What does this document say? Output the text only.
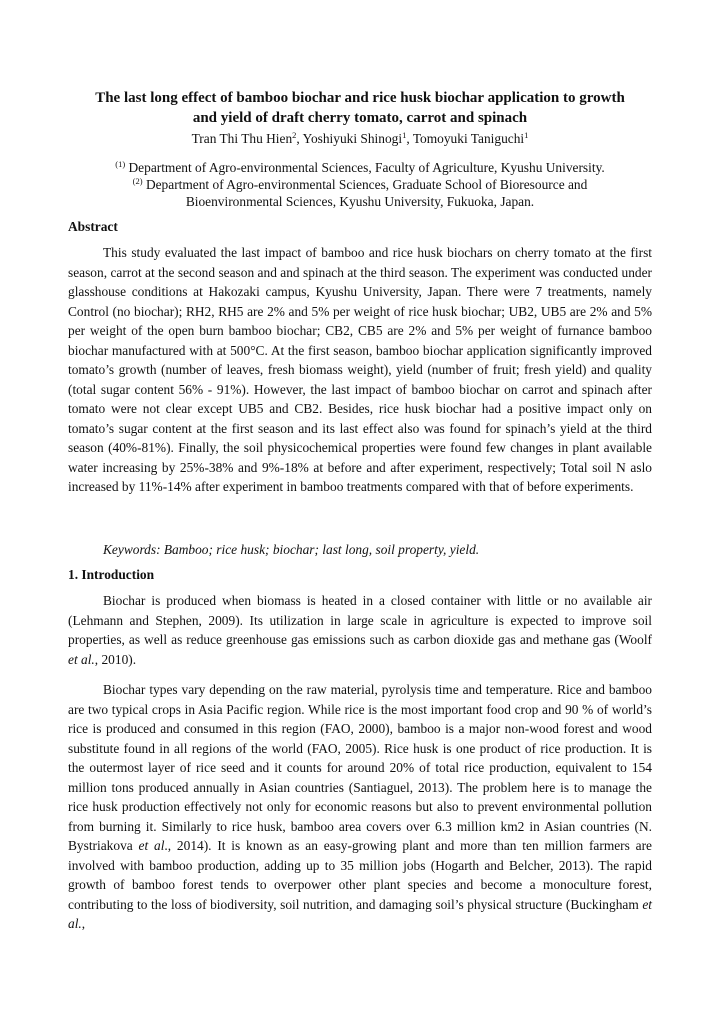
The last long effect of bamboo biochar and rice husk biochar application to growth
and yield of draft cherry tomato, carrot and spinach

Tran Thi Thu Hien$^2$, Yoshiyuki Shinogi$^1$, Tomoyuki Taniguchi$^1$

$^{(1)}$ Department of Agro-environmental Sciences, Faculty of Agriculture, Kyushu University.

$^{(2)}$ Department of Agro-environmental Sciences, Graduate School of Bioresource and
Bioenvironmental Sciences, Kyushu University, Fukuoka, Japan.

Abstract

This study evaluated the last impact of bamboo and rice husk biochars on cherry tomato at the first season, carrot at the second season and and spinach at the third season. The experiment was conducted under glasshouse conditions at Hakozaki campus, Kyushu University, Japan. There were 7 treatments, namely Control (no biochar); RH2, RH5 are 2% and 5% per weight of rice husk biochar; UB2, UB5 are 2% and 5% per weight of the open burn bamboo biochar; CB2, CB5 are 2% and 5% per weight of furnance bamboo biochar manufactured with at 500°C. At the first season, bamboo biochar application significantly improved tomato’s growth (number of leaves, fresh biomass weight), yield (number of fruit; fresh yield) and quality (total sugar content 56% - 91%). However, the last impact of bamboo biochar on carrot and spinach after tomato were not clear except UB5 and CB2. Besides, rice husk biochar had a positive impact only on tomato’s sugar content at the first season and its last effect also was found for spinach’s yield at the third season (40%-81%). Finally, the soil physicochemical properties were found few changes in plant available water increasing by 25%-38% and 9%-18% at before and after experiment, respectively; Total soil N aslo increased by 11%-14% after experiment in bamboo treatments compared with that of before experiments.

Keywords: Bamboo; rice husk; biochar; last long, soil property, yield.

1. Introduction

Biochar is produced when biomass is heated in a closed container with little or no available air (Lehmann and Stephen, 2009). Its utilization in large scale in agriculture is expected to improve soil properties, as well as reduce greenhouse gas emissions such as carbon dioxide gas and methane gas (Woolf et al., 2010).

Biochar types vary depending on the raw material, pyrolysis time and temperature. Rice and bamboo are two typical crops in Asia Pacific region. While rice is the most important food crop and 90 % of world’s rice is produced and consumed in this region (FAO, 2000), bamboo is a major non-wood forest and wood substitute found in all regions of the world (FAO, 2005). Rice husk is one product of rice production. It is the outermost layer of rice seed and it counts for around 20% of total rice production, equivalent to 154 million tons produced annually in Asian countries (Santiaguel, 2013). The problem here is to manage the rice husk production effectively not only for economic reasons but also to prevent environmental pollution from burning it. Similarly to rice husk, bamboo area covers over 6.3 million km2 in Asian countries (N. Bystriakova et al., 2014). It is known as an easy-growing plant and more than ten million farmers are involved with bamboo production, adding up to 35 million jobs (Hogarth and Belcher, 2013). The rapid growth of bamboo forest tends to overpower other plant species and become a monoculture forest, contributing to the loss of biodiversity, soil nutrition, and damaging soil’s physical structure (Buckingham et al.,
